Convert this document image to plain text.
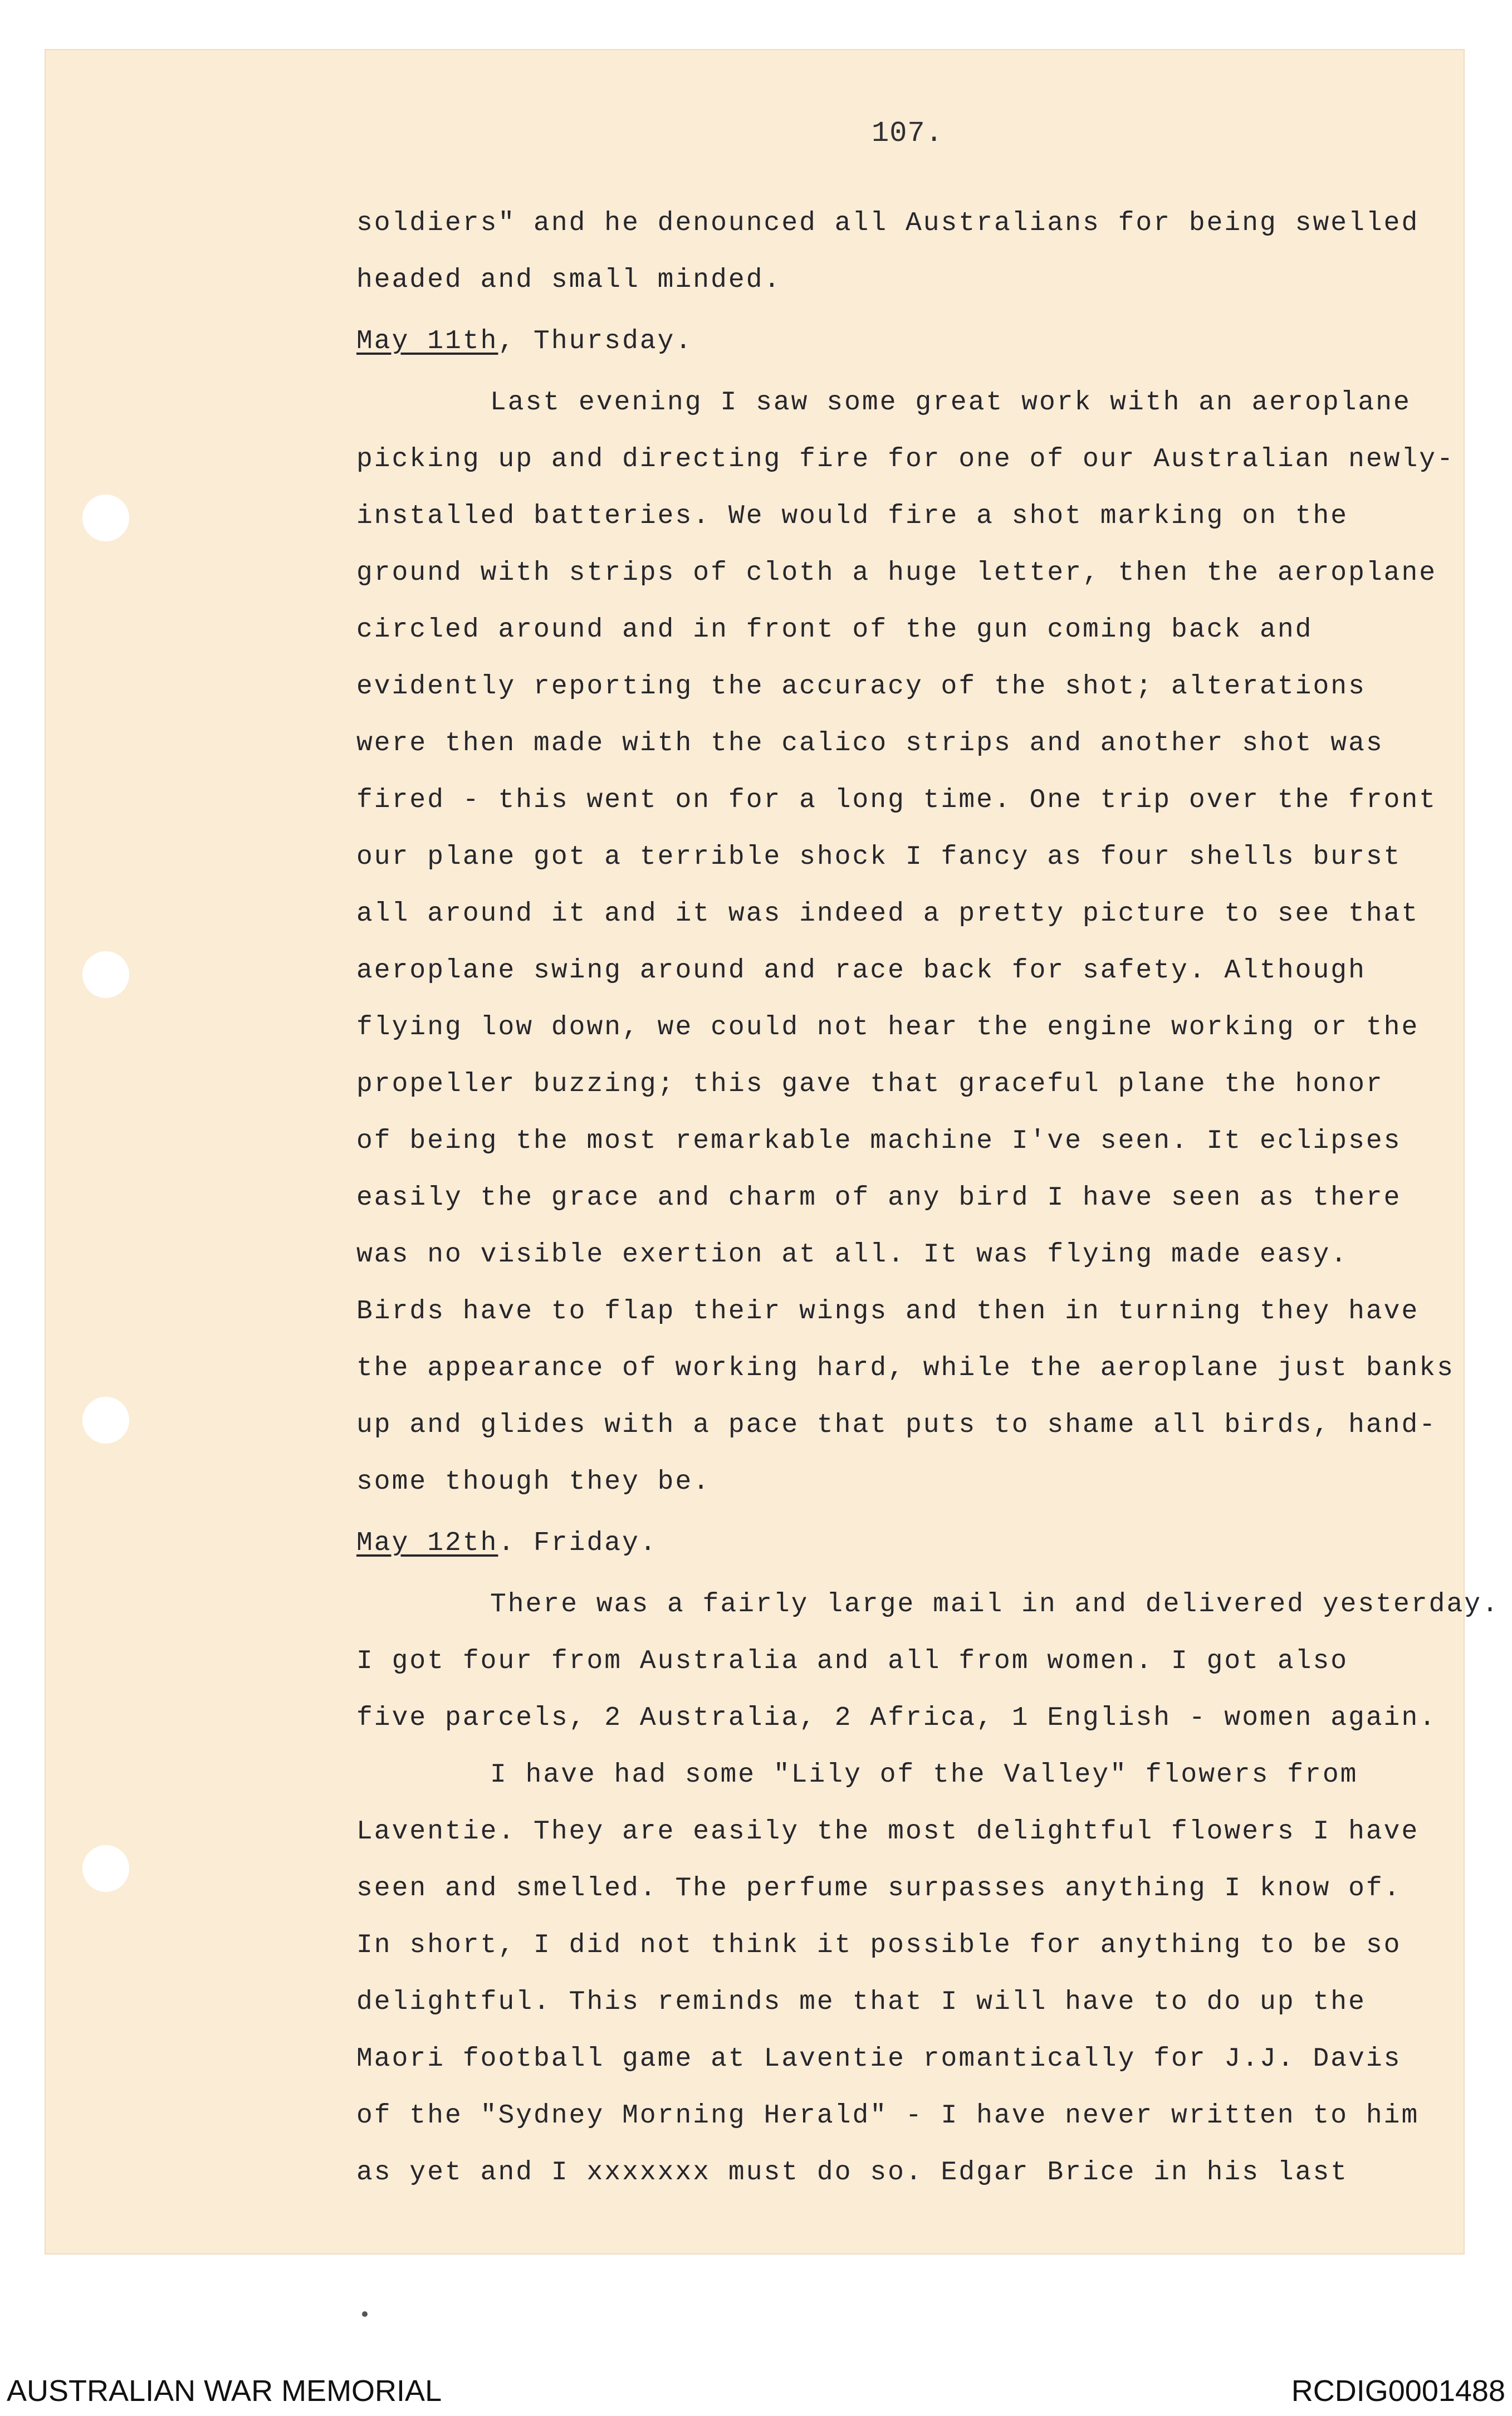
107.
soldiers" and he denounced all Australians for being swelled
headed and small minded.
May 11th, Thursday.
Last evening I saw some great work with an aeroplane
picking up and directing fire for one of our Australian newly-
installed batteries. We would fire a shot marking on the
ground with strips of cloth a huge letter, then the aeroplane
circled around and in front of the gun coming back and
evidently reporting the accuracy of the shot; alterations
were then made with the calico strips and another shot was
fired - this went on for a long time. One trip over the front
our plane got a terrible shock I fancy as four shells burst
all around it and it was indeed a pretty picture to see that
aeroplane swing around and race back for safety. Although
flying low down, we could not hear the engine working or the
propeller buzzing; this gave that graceful plane the honor
of being the most remarkable machine I've seen. It eclipses
easily the grace and charm of any bird I have seen as there
was no visible exertion at all. It was flying made easy.
Birds have to flap their wings and then in turning they have
the appearance of working hard, while the aeroplane just banks
up and glides with a pace that puts to shame all birds, hand-
some though they be.
May 12th. Friday.
There was a fairly large mail in and delivered yesterday.
I got four from Australia and all from women. I got also
five parcels, 2 Australia, 2 Africa, 1 English - women again.
I have had some "Lily of the Valley" flowers from
Laventie. They are easily the most delightful flowers I have
seen and smelled. The perfume surpasses anything I know of.
In short, I did not think it possible for anything to be so
delightful. This reminds me that I will have to do up the
Maori football game at Laventie romantically for J.J. Davis
of the "Sydney Morning Herald" - I have never written to him
as yet and I xxxxxxx must do so. Edgar Brice in his last
AUSTRALIAN WAR MEMORIAL	RCDIG0001488
